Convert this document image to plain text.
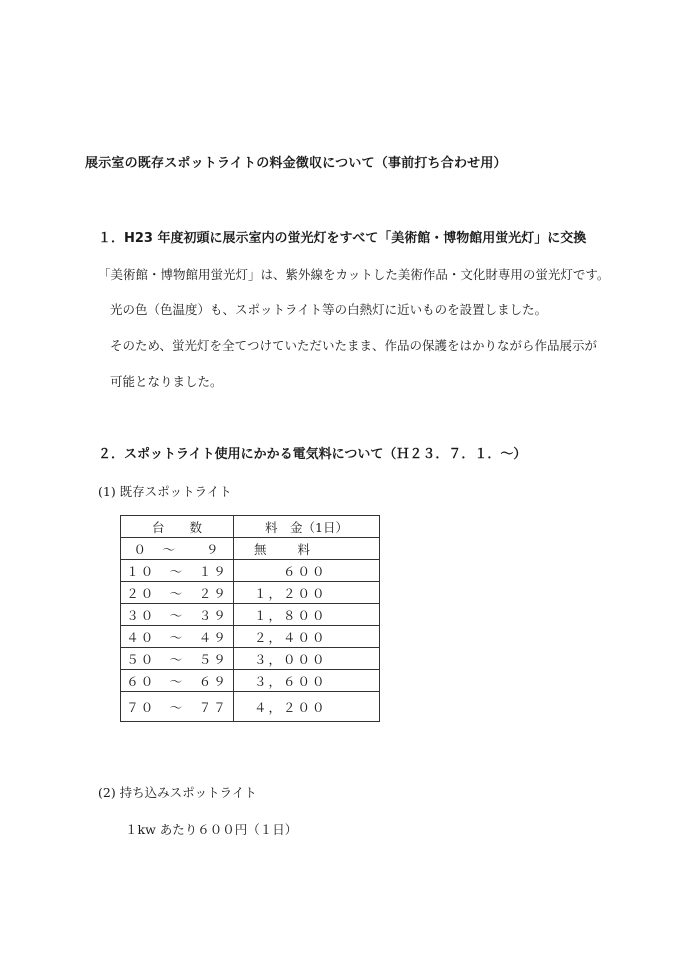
展示室の既存スポットライトの料金徴収について（事前打ち合わせ用）
１．H23 年度初頭に展示室内の蛍光灯をすべて「美術館・博物館用蛍光灯」に交換
「美術館・博物館用蛍光灯」は、紫外線をカットした美術作品・文化財専用の蛍光灯です。
光の色（色温度）も、スポットライト等の白熱灯に近いものを設置しました。
そのため、蛍光灯を全てつけていただいたまま、作品の保護をはかりながら作品展示が
可能となりました。
２．スポットライト使用にかかる電気料について（Ｈ２３．７．１．～）
(1) 既存スポットライト
台　　数	料　金（1日）
０　～　　９	無　　料
１０　～　１９	　　６００
２０　～　２９	１，２００
３０　～　３９	１，８００
４０　～　４９	２，４００
５０　～　５９	３，０００
６０　～　６９	３，６００
７０　～　７７	４，２００
(2) 持ち込みスポットライト
１kw あたり６００円（１日）
